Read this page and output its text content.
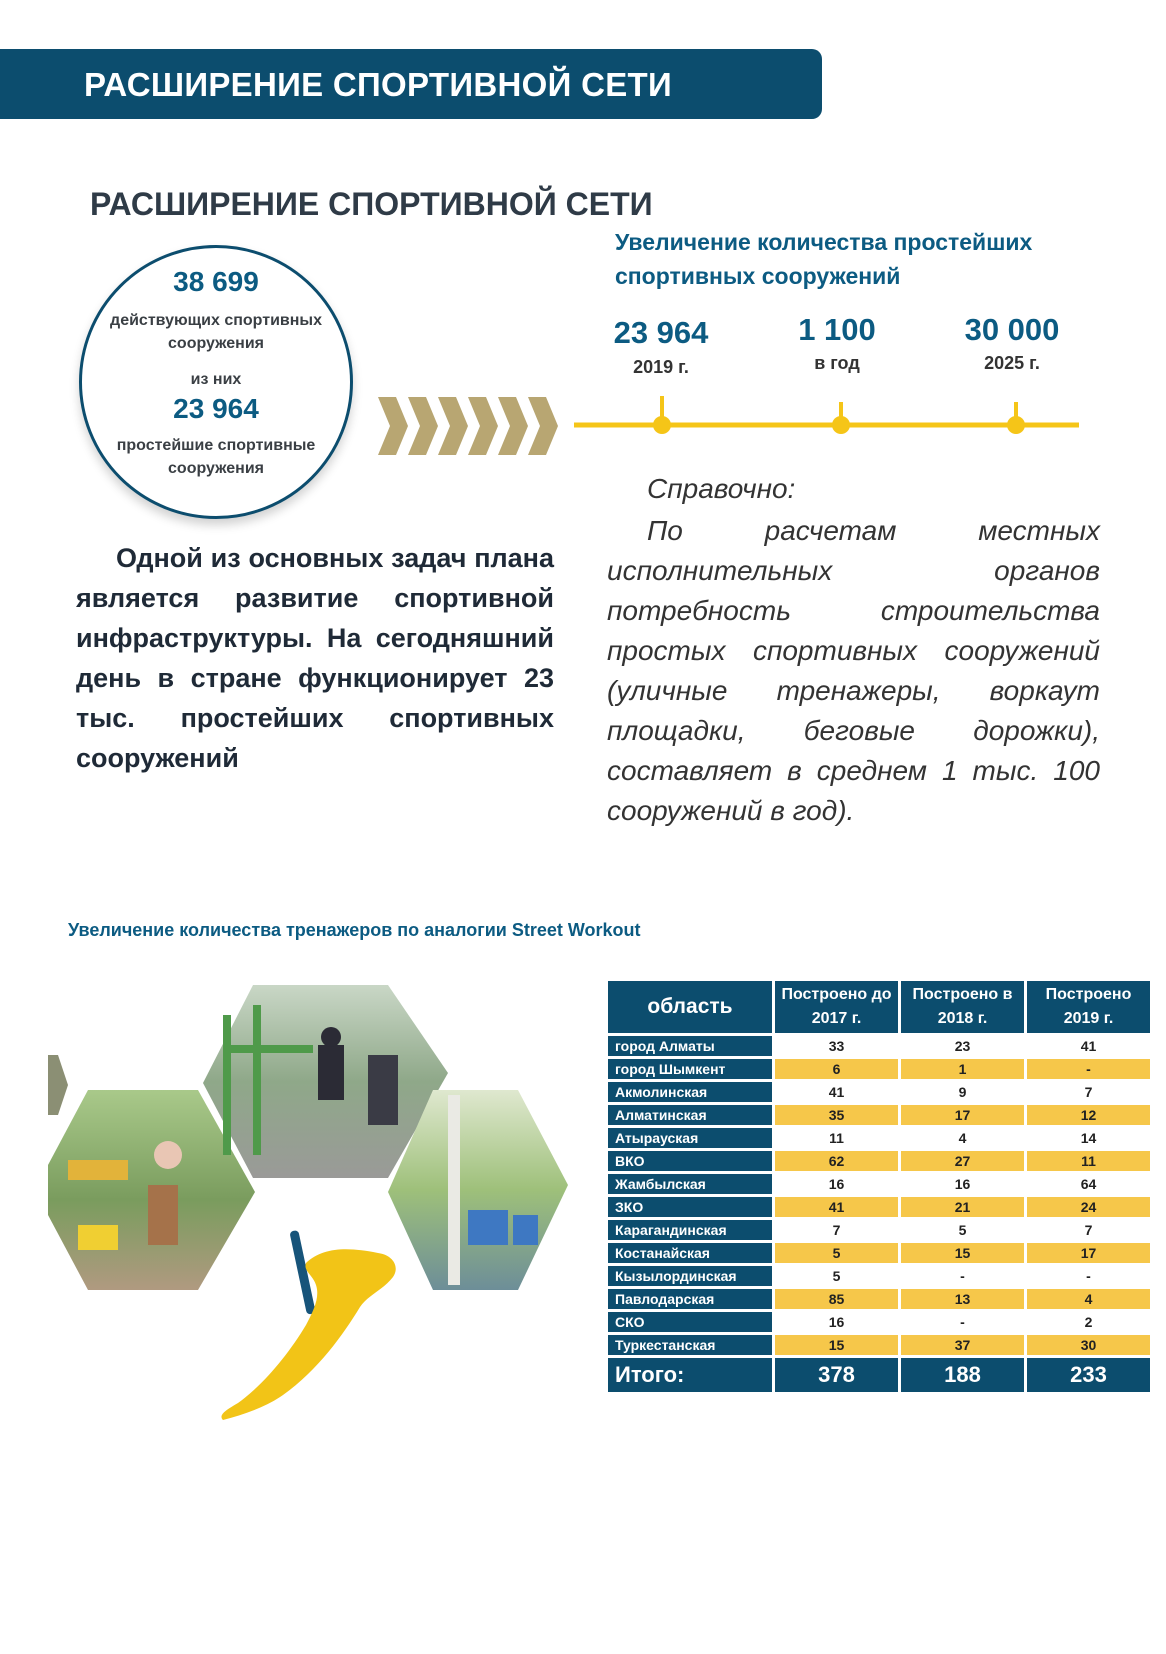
РАСШИРЕНИЕ СПОРТИВНОЙ СЕТИ
РАСШИРЕНИЕ СПОРТИВНОЙ СЕТИ
38 699
действующих спортивных сооружения
из них
23 964
простейшие спортивные сооружения
Увеличение количества простейших
спортивных сооружений
23 964
2019 г.
1 100
в год
30 000
2025 г.
Одной из основных задач плана является развитие спортивной инфраструктуры. На сегодняшний день в стране функционирует 23 тыс. простейших спортивных сооружений
Справочно:
По расчетам местных исполнительных органов потребность строительства простых спортивных сооружений (уличные тренажеры, воркаут площадки, беговые дорожки), составляет в среднем 1 тыс. 100 сооружений в год).
Увеличение количества тренажеров по аналогии Street Workout
область	Построено до 2017 г.	Построено в 2018 г.	Построено 2019 г.
город Алматы	33	23	41
город Шымкент	6	1	-
Акмолинская	41	9	7
Алматинская	35	17	12
Атырауская	11	4	14
ВКО	62	27	11
Жамбылская	16	16	64
ЗКО	41	21	24
Карагандинская	7	5	7
Костанайская	5	15	17
Кызылординская	5	-	-
Павлодарская	85	13	4
СКО	16	-	2
Туркестанская	15	37	30
Итого:	378	188	233
